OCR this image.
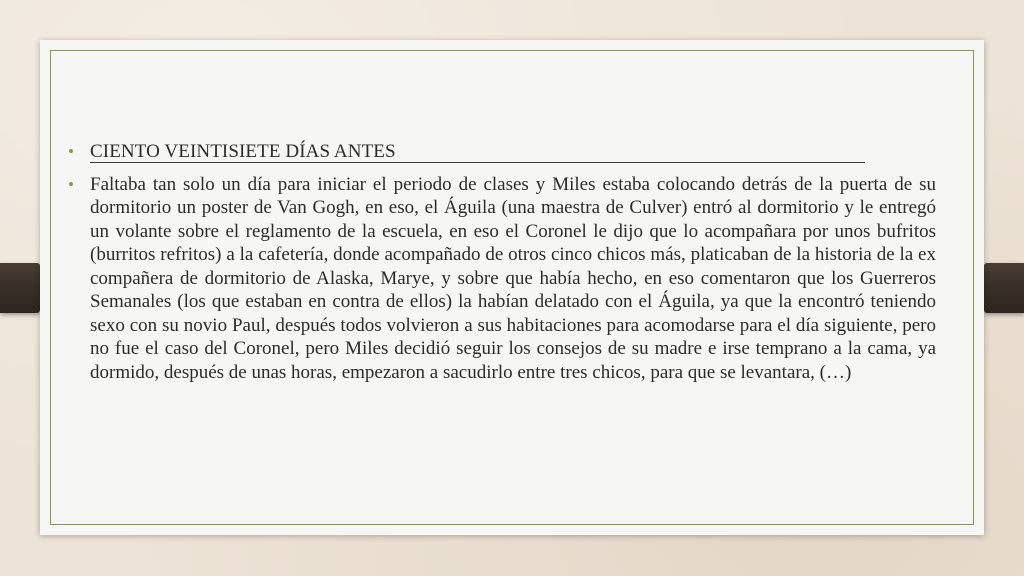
• CIENTO VEINTISIETE DÍAS ANTES
• Faltaba tan solo un día para iniciar el periodo de clases y Miles estaba colocando detrás de la puerta de su dormitorio un poster de Van Gogh, en eso, el Águila (una maestra de Culver) entró al dormitorio y le entregó un volante sobre el reglamento de la escuela, en eso el Coronel le dijo que lo acompañara por unos bufritos (burritos refritos) a la cafetería, donde acompañado de otros cinco chicos más, platicaban de la historia de la ex compañera de dormitorio de Alaska, Marye, y sobre que había hecho, en eso comentaron que los Guerreros Semanales (los que estaban en contra de ellos) la habían delatado con el Águila, ya que la encontró teniendo sexo con su novio Paul, después todos volvieron a sus habitaciones para acomodarse para el día siguiente, pero no fue el caso del Coronel, pero Miles decidió seguir los consejos de su madre e irse temprano a la cama, ya dormido, después de unas horas, empezaron a sacudirlo entre tres chicos, para que se levantara, (…)
